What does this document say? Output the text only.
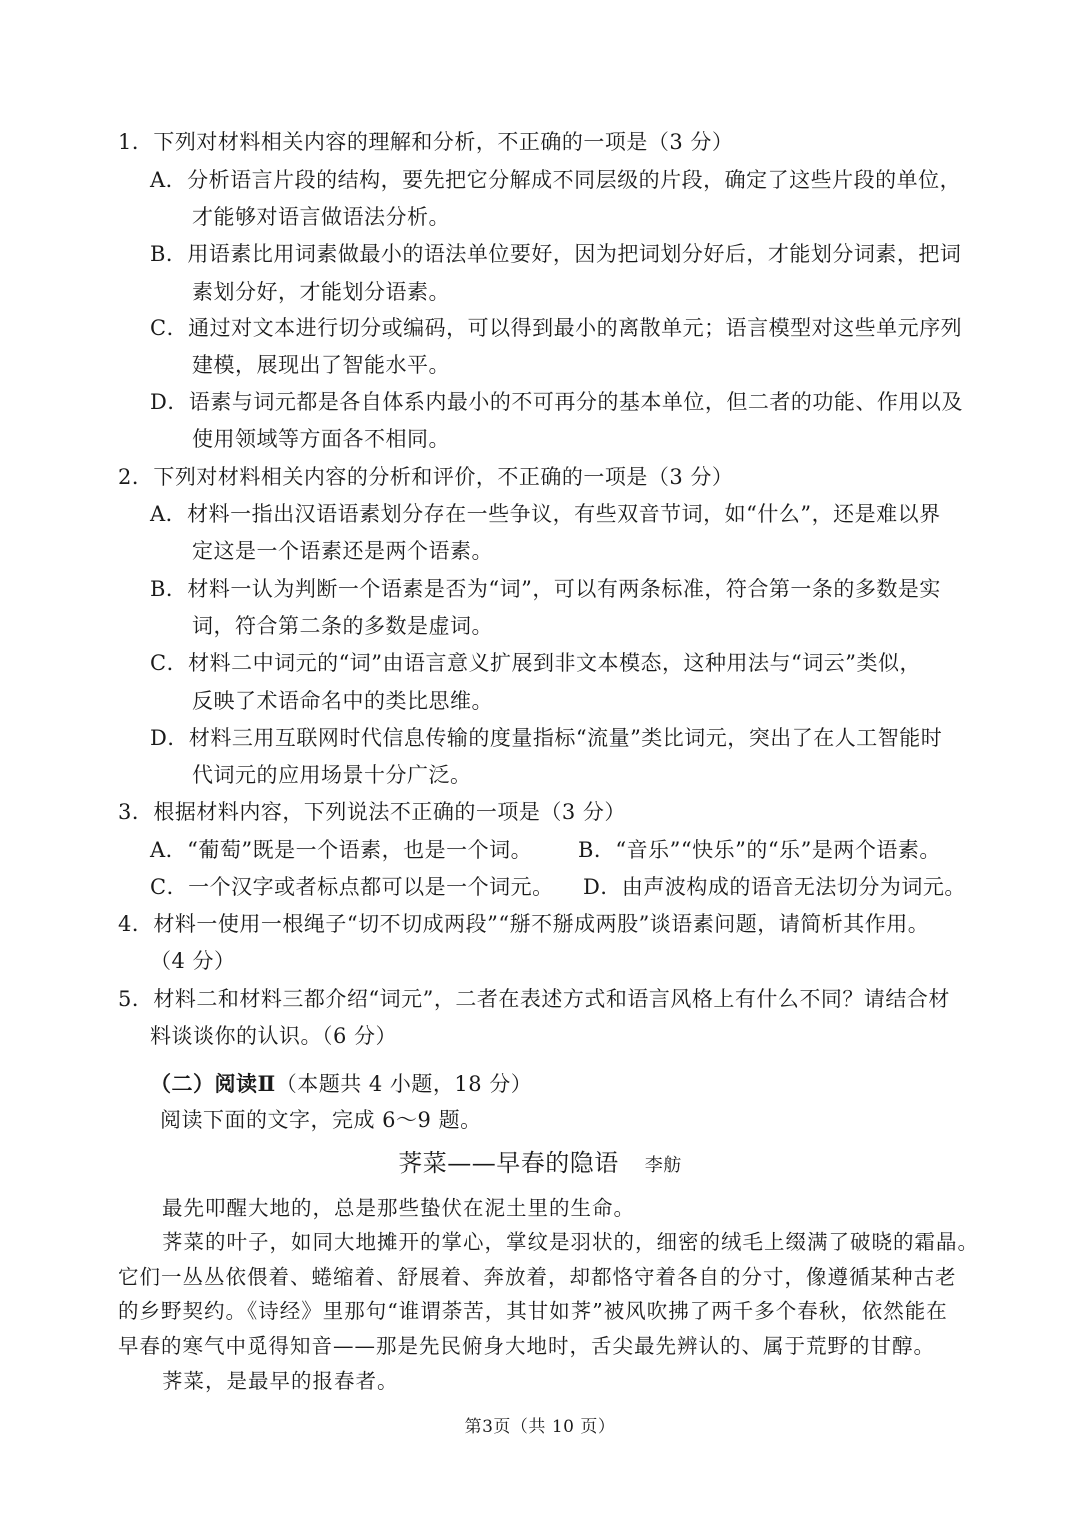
1．下列对材料相关内容的理解和分析，不正确的一项是（3 分）
A．分析语言片段的结构，要先把它分解成不同层级的片段，确定了这些片段的单位，
才能够对语言做语法分析。
B．用语素比用词素做最小的语法单位要好，因为把词划分好后，才能划分词素，把词
素划分好，才能划分语素。
C．通过对文本进行切分或编码，可以得到最小的离散单元；语言模型对这些单元序列
建模，展现出了智能水平。
D．语素与词元都是各自体系内最小的不可再分的基本单位，但二者的功能、作用以及
使用领域等方面各不相同。
2．下列对材料相关内容的分析和评价，不正确的一项是（3 分）
A．材料一指出汉语语素划分存在一些争议，有些双音节词，如“什么”，还是难以界
定这是一个语素还是两个语素。
B．材料一认为判断一个语素是否为“词”，可以有两条标准，符合第一条的多数是实
词，符合第二条的多数是虚词。
C．材料二中词元的“词”由语言意义扩展到非文本模态，这种用法与“词云”类似，
反映了术语命名中的类比思维。
D．材料三用互联网时代信息传输的度量指标“流量”类比词元，突出了在人工智能时
代词元的应用场景十分广泛。
3．根据材料内容，下列说法不正确的一项是（3 分）
A．“葡萄”既是一个语素，也是一个词。 B．“音乐”“快乐”的“乐”是两个语素。
C．一个汉字或者标点都可以是一个词元。 D．由声波构成的语音无法切分为词元。
4．材料一使用一根绳子“切不切成两段”“掰不掰成两股”谈语素问题，请简析其作用。
（4 分）
5．材料二和材料三都介绍“词元”，二者在表述方式和语言风格上有什么不同？请结合材
料谈谈你的认识。（6 分）
（二）阅读Ⅱ（本题共 4 小题，18 分）
阅读下面的文字，完成 6～9 题。
荠菜——早春的隐语 李舫
最先叩醒大地的，总是那些蛰伏在泥土里的生命。
荠菜的叶子，如同大地摊开的掌心，掌纹是羽状的，细密的绒毛上缀满了破晓的霜晶。
它们一丛丛依偎着、蜷缩着、舒展着、奔放着，却都恪守着各自的分寸，像遵循某种古老
的乡野契约。《诗经》里那句“谁谓荼苦，其甘如荠”被风吹拂了两千多个春秋，依然能在
早春的寒气中觅得知音——那是先民俯身大地时，舌尖最先辨认的、属于荒野的甘醇。
荠菜，是最早的报春者。
第3页（共 10 页）
